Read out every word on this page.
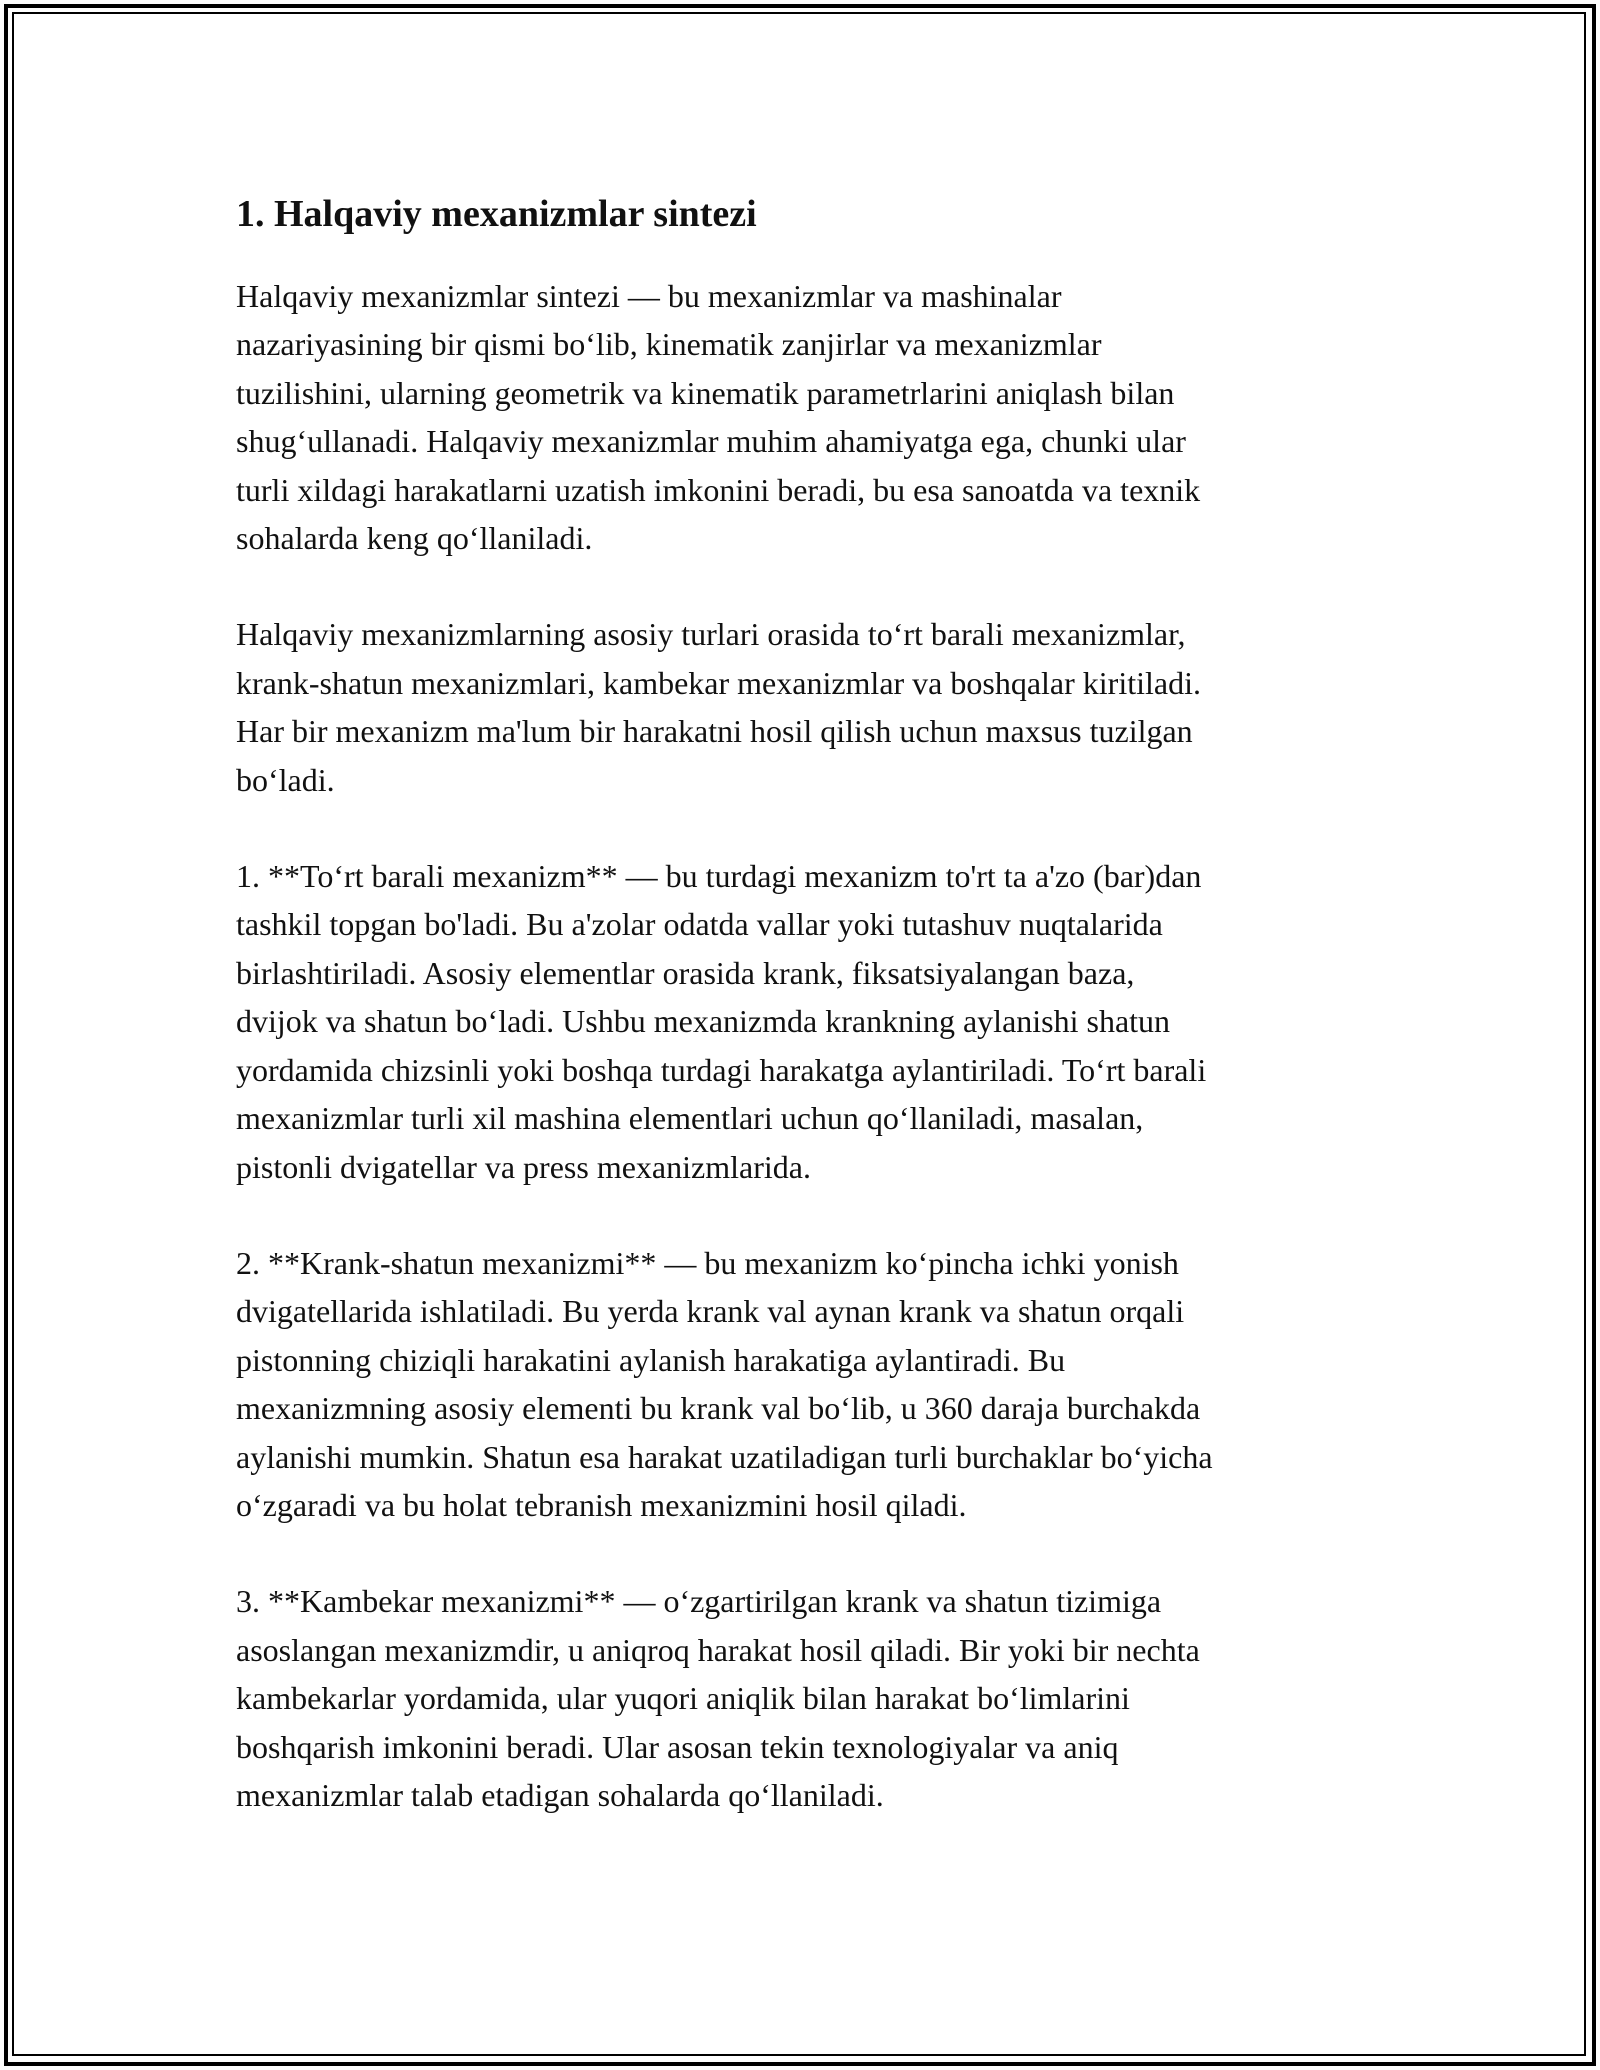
1. Halqaviy mexanizmlar sintezi

Halqaviy mexanizmlar sintezi — bu mexanizmlar va mashinalar
nazariyasining bir qismi bo‘lib, kinematik zanjirlar va mexanizmlar
tuzilishini, ularning geometrik va kinematik parametrlarini aniqlash bilan
shug‘ullanadi. Halqaviy mexanizmlar muhim ahamiyatga ega, chunki ular
turli xildagi harakatlarni uzatish imkonini beradi, bu esa sanoatda va texnik
sohalarda keng qo‘llaniladi.

Halqaviy mexanizmlarning asosiy turlari orasida to‘rt barali mexanizmlar,
krank-shatun mexanizmlari, kambekar mexanizmlar va boshqalar kiritiladi.
Har bir mexanizm ma'lum bir harakatni hosil qilish uchun maxsus tuzilgan
bo‘ladi.

1. **To‘rt barali mexanizm** — bu turdagi mexanizm to'rt ta a'zo (bar)dan
tashkil topgan bo'ladi. Bu a'zolar odatda vallar yoki tutashuv nuqtalarida
birlashtiriladi. Asosiy elementlar orasida krank, fiksatsiyalangan baza,
dvijok va shatun bo‘ladi. Ushbu mexanizmda krankning aylanishi shatun
yordamida chizsinli yoki boshqa turdagi harakatga aylantiriladi. To‘rt barali
mexanizmlar turli xil mashina elementlari uchun qo‘llaniladi, masalan,
pistonli dvigatellar va press mexanizmlarida.

2. **Krank-shatun mexanizmi** — bu mexanizm ko‘pincha ichki yonish
dvigatellarida ishlatiladi. Bu yerda krank val aynan krank va shatun orqali
pistonning chiziqli harakatini aylanish harakatiga aylantiradi. Bu
mexanizmning asosiy elementi bu krank val bo‘lib, u 360 daraja burchakda
aylanishi mumkin. Shatun esa harakat uzatiladigan turli burchaklar bo‘yicha
o‘zgaradi va bu holat tebranish mexanizmini hosil qiladi.

3. **Kambekar mexanizmi** — o‘zgartirilgan krank va shatun tizimiga
asoslangan mexanizmdir, u aniqroq harakat hosil qiladi. Bir yoki bir nechta
kambekarlar yordamida, ular yuqori aniqlik bilan harakat bo‘limlarini
boshqarish imkonini beradi. Ular asosan tekin texnologiyalar va aniq
mexanizmlar talab etadigan sohalarda qo‘llaniladi.
